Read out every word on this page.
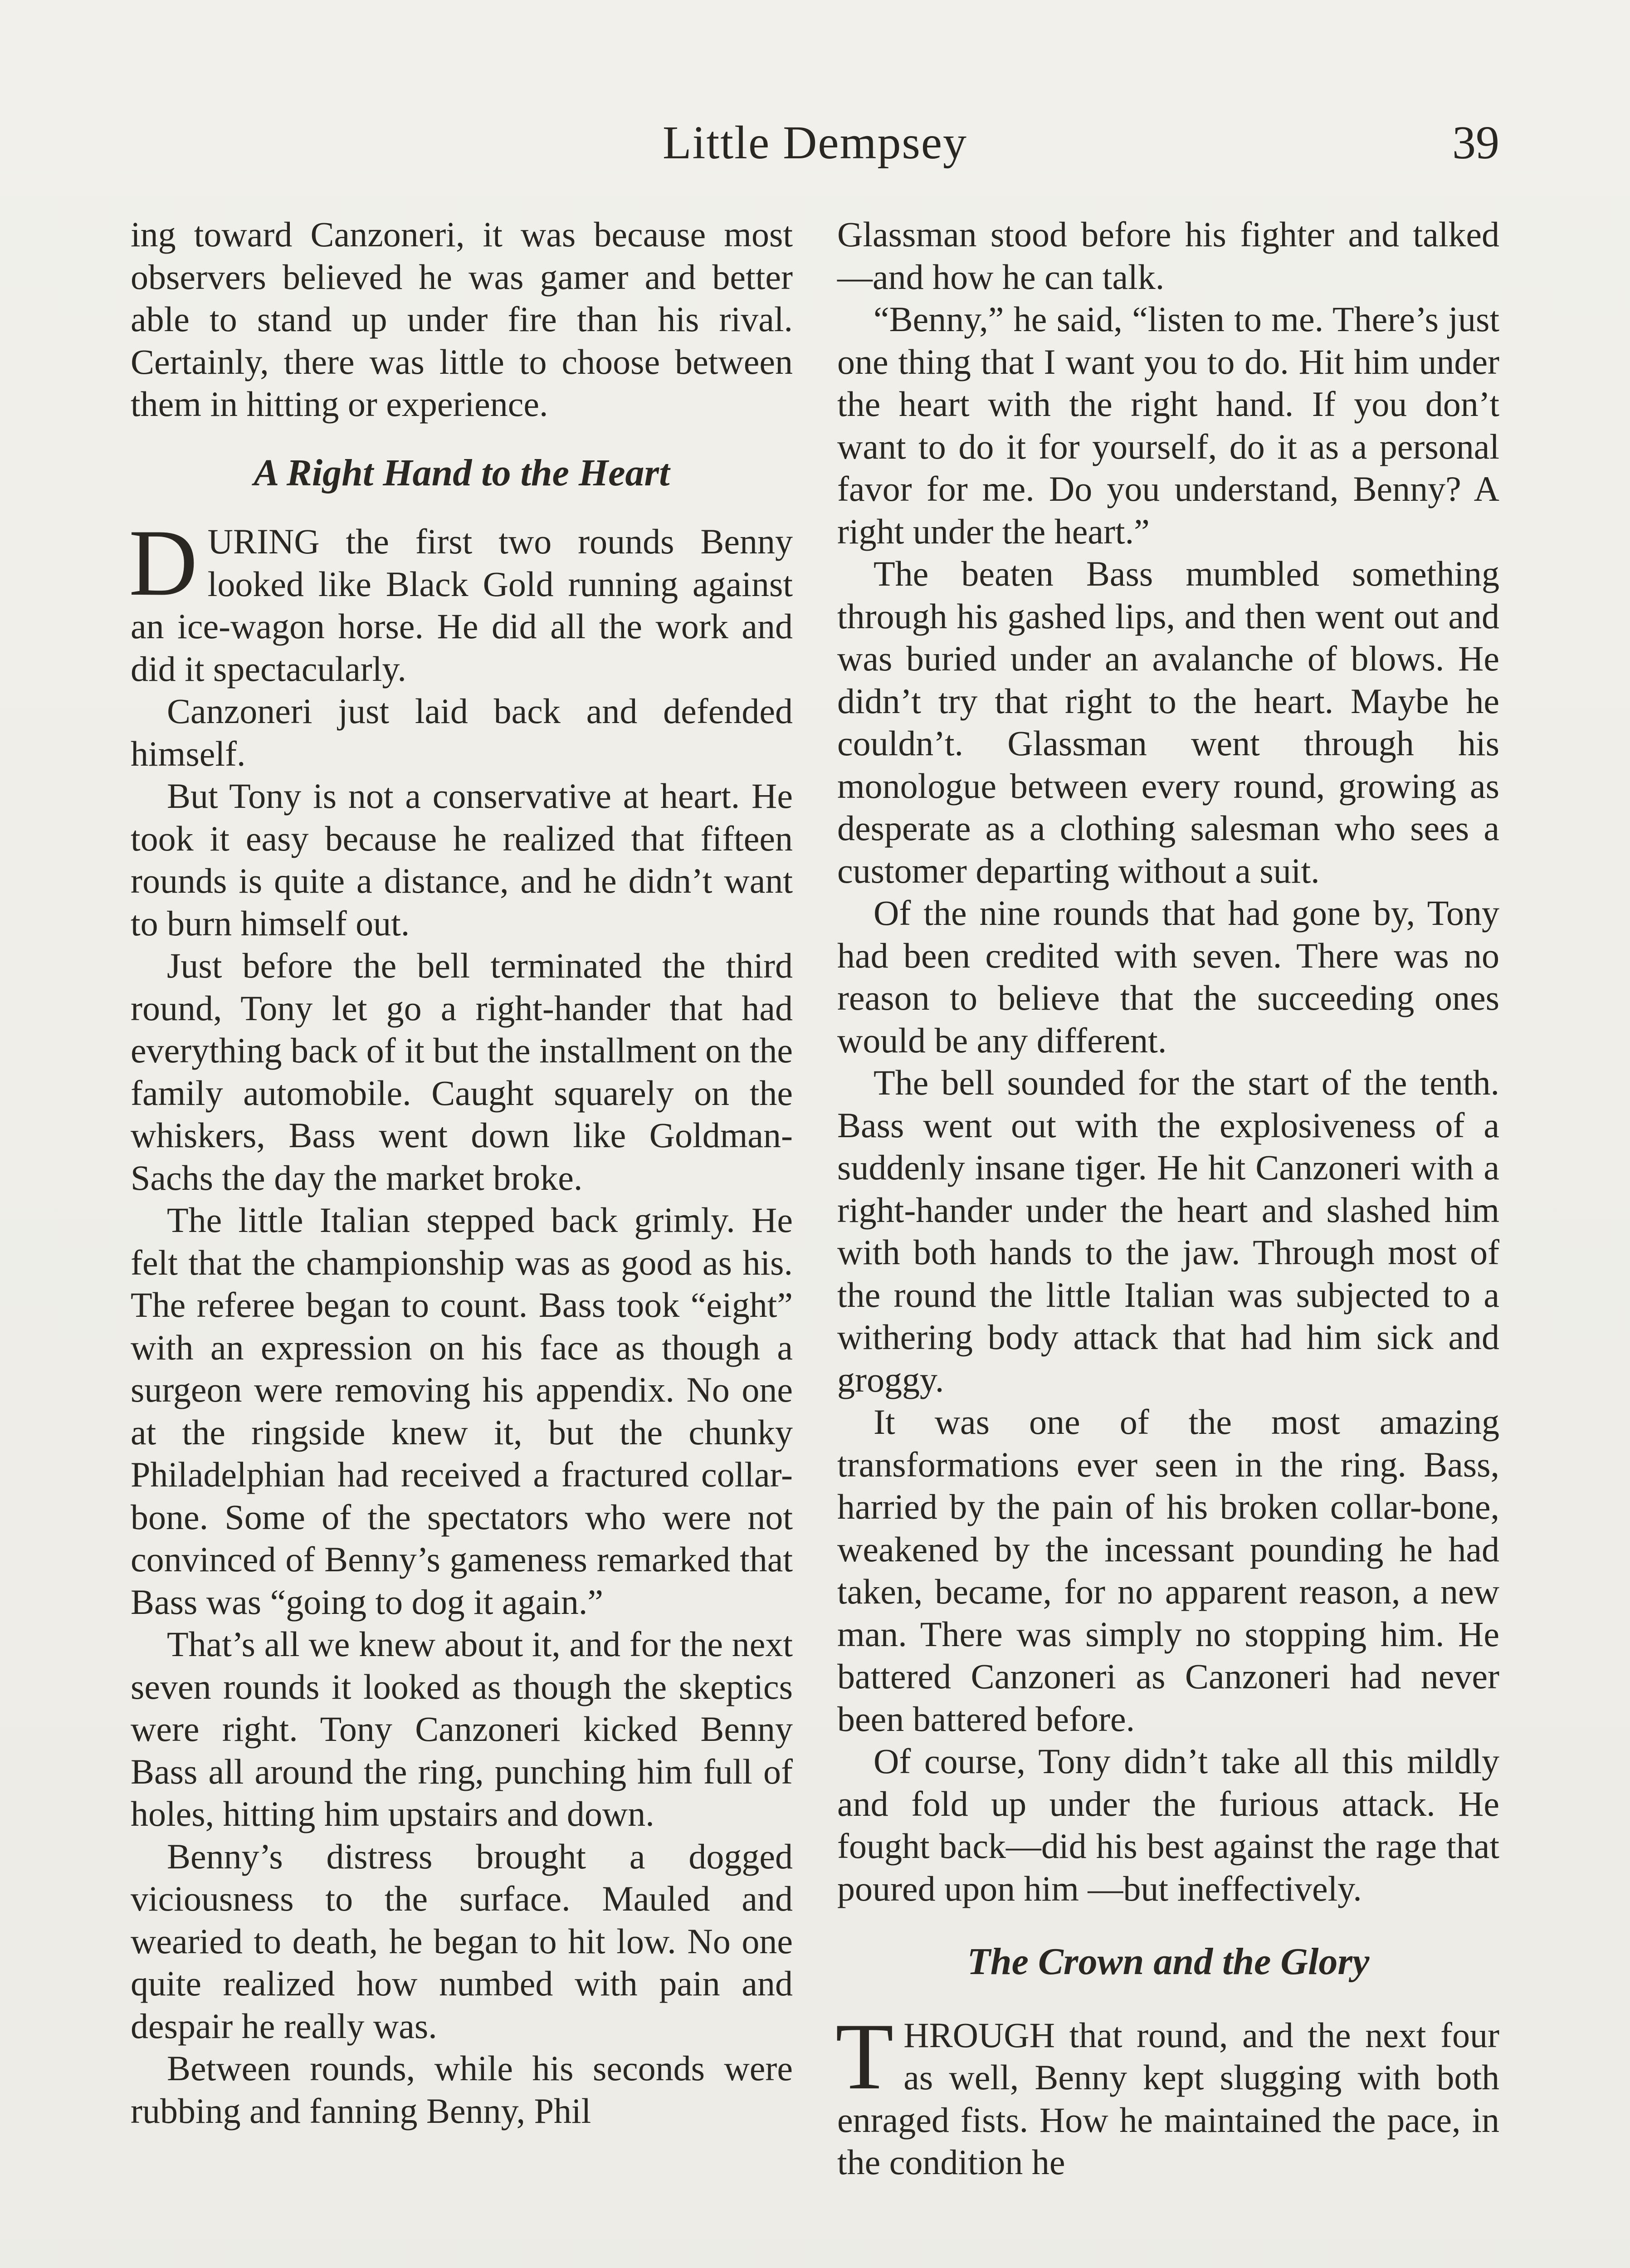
Little Dempsey	39

ing toward Canzoneri, it was because most observers believed he was gamer and better able to stand up under fire than his rival. Certainly, there was little to choose between them in hitting or experience.

A Right Hand to the Heart

DURING the first two rounds Benny looked like Black Gold running against an ice-wagon horse. He did all the work and did it spectacularly.

Canzoneri just laid back and defended himself.

But Tony is not a conservative at heart. He took it easy because he realized that fifteen rounds is quite a distance, and he didn’t want to burn himself out.

Just before the bell terminated the third round, Tony let go a right-hander that had everything back of it but the installment on the family automobile. Caught squarely on the whiskers, Bass went down like Goldman-Sachs the day the market broke.

The little Italian stepped back grimly. He felt that the championship was as good as his. The referee began to count. Bass took “eight” with an expression on his face as though a surgeon were removing his appendix. No one at the ringside knew it, but the chunky Philadelphian had received a fractured collar-bone. Some of the spectators who were not convinced of Benny’s gameness remarked that Bass was “going to dog it again.”

That’s all we knew about it, and for the next seven rounds it looked as though the skeptics were right. Tony Canzoneri kicked Benny Bass all around the ring, punching him full of holes, hitting him upstairs and down.

Benny’s distress brought a dogged viciousness to the surface. Mauled and wearied to death, he began to hit low. No one quite realized how numbed with pain and despair he really was.

Between rounds, while his seconds were rubbing and fanning Benny, Phil

Glassman stood before his fighter and talked—and how he can talk.

“Benny,” he said, “listen to me. There’s just one thing that I want you to do. Hit him under the heart with the right hand. If you don’t want to do it for yourself, do it as a personal favor for me. Do you understand, Benny? A right under the heart.”

The beaten Bass mumbled something through his gashed lips, and then went out and was buried under an avalanche of blows. He didn’t try that right to the heart. Maybe he couldn’t. Glassman went through his monologue between every round, growing as desperate as a clothing salesman who sees a customer departing without a suit.

Of the nine rounds that had gone by, Tony had been credited with seven. There was no reason to believe that the succeeding ones would be any different.

The bell sounded for the start of the tenth. Bass went out with the explosiveness of a suddenly insane tiger. He hit Canzoneri with a right-hander under the heart and slashed him with both hands to the jaw. Through most of the round the little Italian was subjected to a withering body attack that had him sick and groggy.

It was one of the most amazing transformations ever seen in the ring. Bass, harried by the pain of his broken collar-bone, weakened by the incessant pounding he had taken, became, for no apparent reason, a new man. There was simply no stopping him. He battered Canzoneri as Canzoneri had never been battered before.

Of course, Tony didn’t take all this mildly and fold up under the furious attack. He fought back—did his best against the rage that poured upon him —but ineffectively.

The Crown and the Glory

THROUGH that round, and the next four as well, Benny kept slugging with both enraged fists. How he maintained the pace, in the condition he
